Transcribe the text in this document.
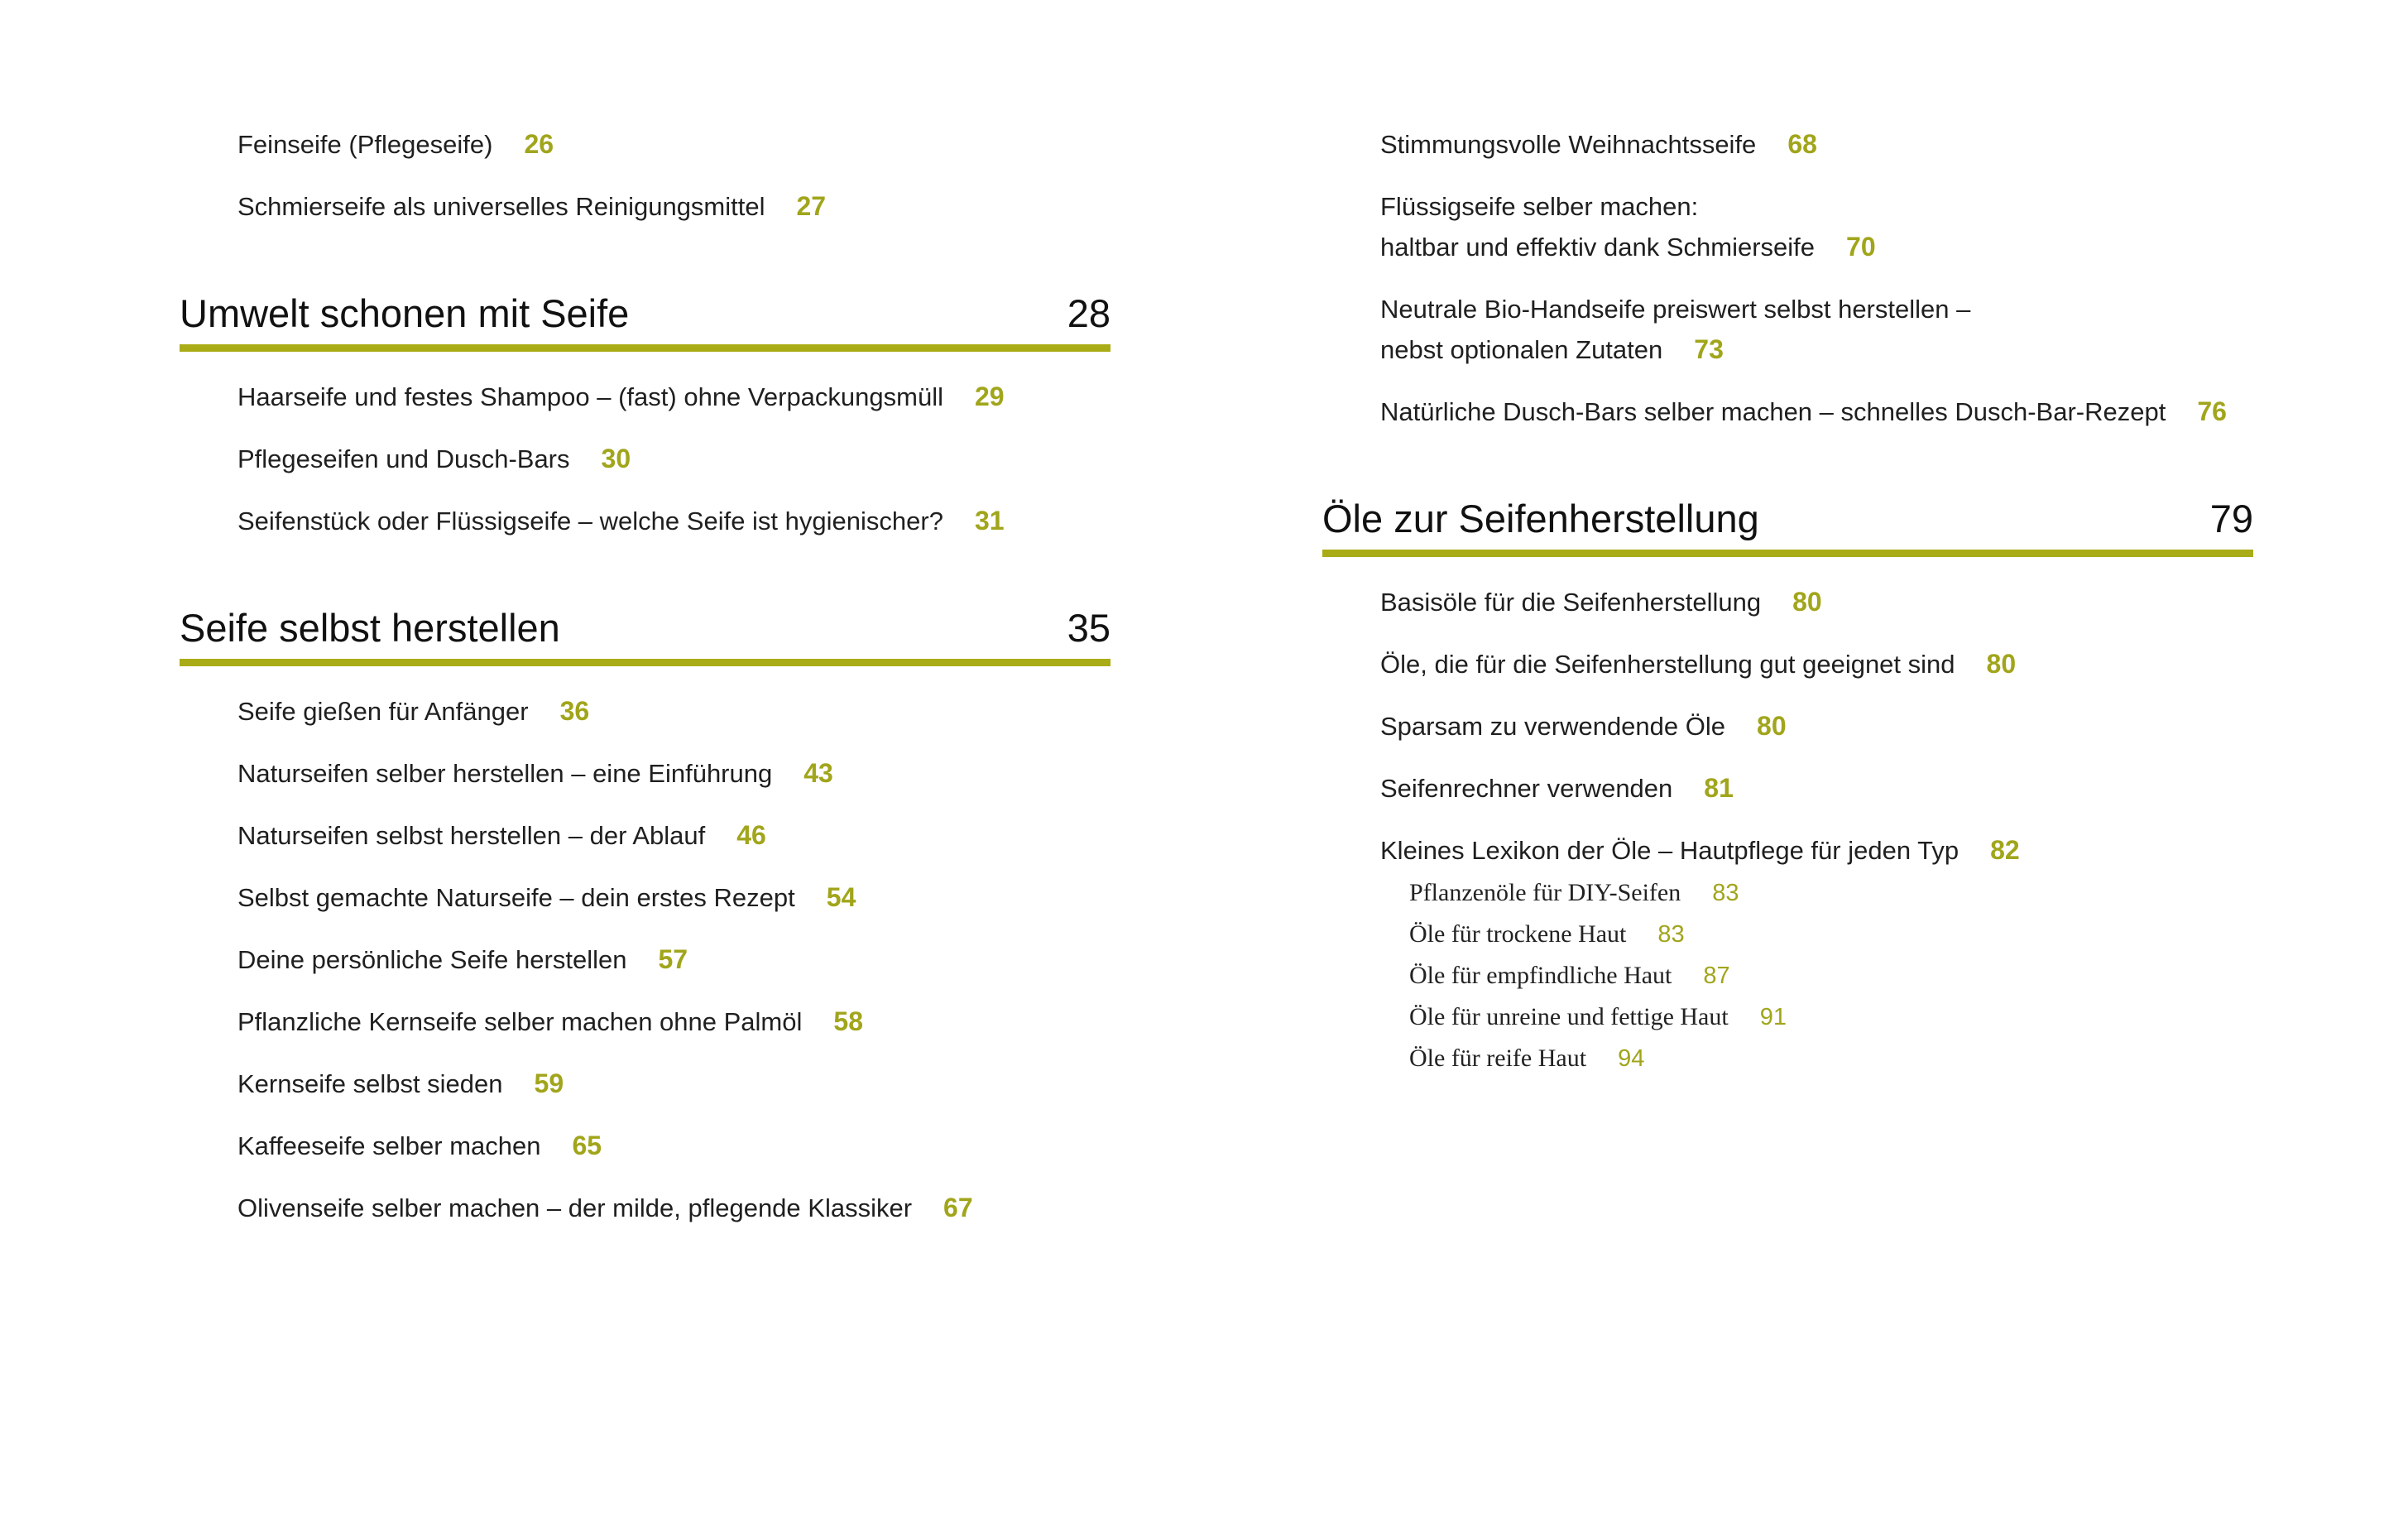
Feinseife (Pflegeseife) 26
Schmierseife als universelles Reinigungsmittel 27
Umwelt schonen mit Seife	28
Haarseife und festes Shampoo – (fast) ohne Verpackungsmüll 29
Pflegeseifen und Dusch-Bars 30
Seifenstück oder Flüssigseife – welche Seife ist hygienischer? 31
Seife selbst herstellen	35
Seife gießen für Anfänger 36
Naturseifen selber herstellen – eine Einführung 43
Naturseifen selbst herstellen – der Ablauf 46
Selbst gemachte Naturseife – dein erstes Rezept 54
Deine persönliche Seife herstellen 57
Pflanzliche Kernseife selber machen ohne Palmöl 58
Kernseife selbst sieden 59
Kaffeeseife selber machen 65
Olivenseife selber machen – der milde, pflegende Klassiker 67
Stimmungsvolle Weihnachtsseife 68
Flüssigseife selber machen:
haltbar und effektiv dank Schmierseife 70
Neutrale Bio-Handseife preiswert selbst herstellen –
nebst optionalen Zutaten 73
Natürliche Dusch-Bars selber machen – schnelles Dusch-Bar-Rezept 76
Öle zur Seifenherstellung	79
Basisöle für die Seifenherstellung 80
Öle, die für die Seifenherstellung gut geeignet sind 80
Sparsam zu verwendende Öle 80
Seifenrechner verwenden 81
Kleines Lexikon der Öle – Hautpflege für jeden Typ 82
Pflanzenöle für DIY-Seifen 83
Öle für trockene Haut 83
Öle für empfindliche Haut 87
Öle für unreine und fettige Haut 91
Öle für reife Haut 94
